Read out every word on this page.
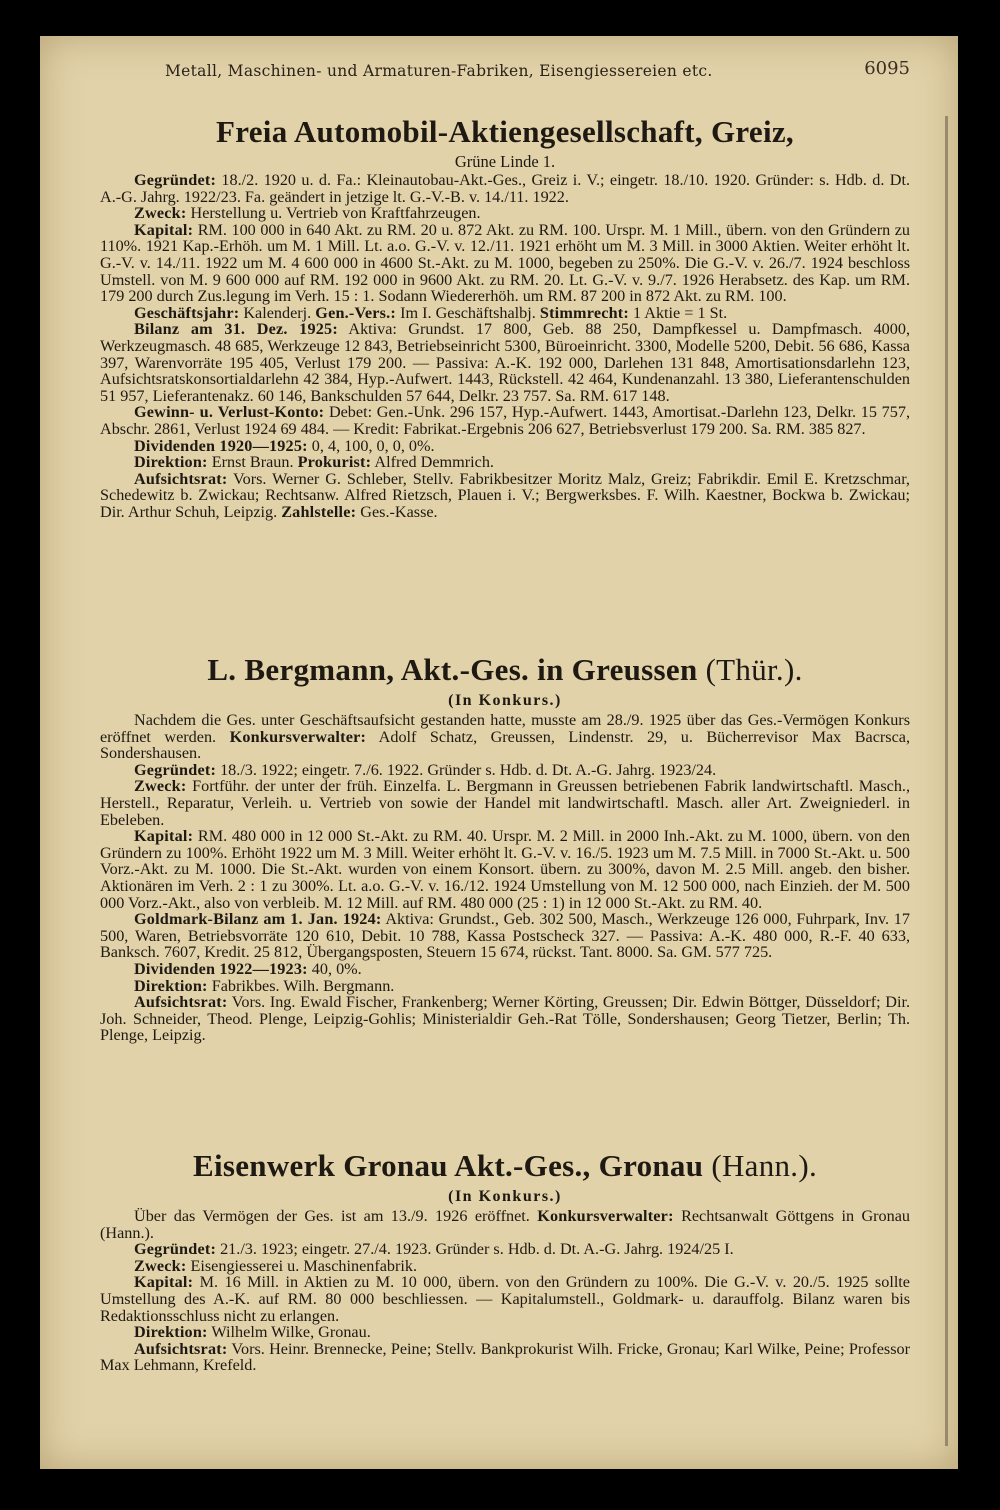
Metall, Maschinen- und Armaturen-Fabriken, Eisengiessereien etc.	6095
Freia Automobil-Aktiengesellschaft, Greiz,
Grüne Linde 1.

Gegründet: 18./2. 1920 u. d. Fa.: Kleinautobau-Akt.-Ges., Greiz i. V.; eingetr. 18./10. 1920. Gründer: s. Hdb. d. Dt. A.-G. Jahrg. 1922/23. Fa. geändert in jetzige lt. G.-V.-B. v. 14./11. 1922.

Zweck: Herstellung u. Vertrieb von Kraftfahrzeugen.

Kapital: RM. 100 000 in 640 Akt. zu RM. 20 u. 872 Akt. zu RM. 100. Urspr. M. 1 Mill., übern. von den Gründern zu 110%. 1921 Kap.-Erhöh. um M. 1 Mill. Lt. a.o. G.-V. v. 12./11. 1921 erhöht um M. 3 Mill. in 3000 Aktien. Weiter erhöht lt. G.-V. v. 14./11. 1922 um M. 4 600 000 in 4600 St.-Akt. zu M. 1000, begeben zu 250%. Die G.-V. v. 26./7. 1924 beschloss Umstell. von M. 9 600 000 auf RM. 192 000 in 9600 Akt. zu RM. 20. Lt. G.-V. v. 9./7. 1926 Herabsetz. des Kap. um RM. 179 200 durch Zus.legung im Verh. 15 : 1. Sodann Wiedererhöh. um RM. 87 200 in 872 Akt. zu RM. 100.

Geschäftsjahr: Kalenderj. Gen.-Vers.: Im I. Geschäftshalbj. Stimmrecht: 1 Aktie = 1 St.

Bilanz am 31. Dez. 1925: Aktiva: Grundst. 17 800, Geb. 88 250, Dampfkessel u. Dampfmasch. 4000, Werkzeugmasch. 48 685, Werkzeuge 12 843, Betriebseinricht 5300, Büroeinricht. 3300, Modelle 5200, Debit. 56 686, Kassa 397, Warenvorräte 195 405, Verlust 179 200. — Passiva: A.-K. 192 000, Darlehen 131 848, Amortisationsdarlehn 123, Aufsichtsratskonsortialdarlehn 42 384, Hyp.-Aufwert. 1443, Rückstell. 42 464, Kundenanzahl. 13 380, Lieferantenschulden 51 957, Lieferantenakz. 60 146, Bankschulden 57 644, Delkr. 23 757. Sa. RM. 617 148.

Gewinn- u. Verlust-Konto: Debet: Gen.-Unk. 296 157, Hyp.-Aufwert. 1443, Amortisat.-Darlehn 123, Delkr. 15 757, Abschr. 2861, Verlust 1924 69 484. — Kredit: Fabrikat.-Ergebnis 206 627, Betriebsverlust 179 200. Sa. RM. 385 827.

Dividenden 1920—1925: 0, 4, 100, 0, 0, 0%.

Direktion: Ernst Braun. Prokurist: Alfred Demmrich.

Aufsichtsrat: Vors. Werner G. Schleber, Stellv. Fabrikbesitzer Moritz Malz, Greiz; Fabrikdir. Emil E. Kretzschmar, Schedewitz b. Zwickau; Rechtsanw. Alfred Rietzsch, Plauen i. V.; Bergwerksbes. F. Wilh. Kaestner, Bockwa b. Zwickau; Dir. Arthur Schuh, Leipzig. Zahlstelle: Ges.-Kasse.

L. Bergmann, Akt.-Ges. in Greussen (Thür.).
(In Konkurs.)

Nachdem die Ges. unter Geschäftsaufsicht gestanden hatte, musste am 28./9. 1925 über das Ges.-Vermögen Konkurs eröffnet werden. Konkursverwalter: Adolf Schatz, Greussen, Lindenstr. 29, u. Bücherrevisor Max Bacrsca, Sondershausen.

Gegründet: 18./3. 1922; eingetr. 7./6. 1922. Gründer s. Hdb. d. Dt. A.-G. Jahrg. 1923/24.

Zweck: Fortführ. der unter der früh. Einzelfa. L. Bergmann in Greussen betriebenen Fabrik landwirtschaftl. Masch., Herstell., Reparatur, Verleih. u. Vertrieb von sowie der Handel mit landwirtschaftl. Masch. aller Art. Zweigniederl. in Ebeleben.

Kapital: RM. 480 000 in 12 000 St.-Akt. zu RM. 40. Urspr. M. 2 Mill. in 2000 Inh.-Akt. zu M. 1000, übern. von den Gründern zu 100%. Erhöht 1922 um M. 3 Mill. Weiter erhöht lt. G.-V. v. 16./5. 1923 um M. 7.5 Mill. in 7000 St.-Akt. u. 500 Vorz.-Akt. zu M. 1000. Die St.-Akt. wurden von einem Konsort. übern. zu 300%, davon M. 2.5 Mill. angeb. den bisher. Aktionären im Verh. 2 : 1 zu 300%. Lt. a.o. G.-V. v. 16./12. 1924 Umstellung von M. 12 500 000, nach Einzieh. der M. 500 000 Vorz.-Akt., also von verbleib. M. 12 Mill. auf RM. 480 000 (25 : 1) in 12 000 St.-Akt. zu RM. 40.

Goldmark-Bilanz am 1. Jan. 1924: Aktiva: Grundst., Geb. 302 500, Masch., Werkzeuge 126 000, Fuhrpark, Inv. 17 500, Waren, Betriebsvorräte 120 610, Debit. 10 788, Kassa Postscheck 327. — Passiva: A.-K. 480 000, R.-F. 40 633, Banksch. 7607, Kredit. 25 812, Übergangsposten, Steuern 15 674, rückst. Tant. 8000. Sa. GM. 577 725.

Dividenden 1922—1923: 40, 0%.

Direktion: Fabrikbes. Wilh. Bergmann.

Aufsichtsrat: Vors. Ing. Ewald Fischer, Frankenberg; Werner Körting, Greussen; Dir. Edwin Böttger, Düsseldorf; Dir. Joh. Schneider, Theod. Plenge, Leipzig-Gohlis; Ministerialdir Geh.-Rat Tölle, Sondershausen; Georg Tietzer, Berlin; Th. Plenge, Leipzig.

Eisenwerk Gronau Akt.-Ges., Gronau (Hann.).
(In Konkurs.)

Über das Vermögen der Ges. ist am 13./9. 1926 eröffnet. Konkursverwalter: Rechtsanwalt Göttgens in Gronau (Hann.).

Gegründet: 21./3. 1923; eingetr. 27./4. 1923. Gründer s. Hdb. d. Dt. A.-G. Jahrg. 1924/25 I.

Zweck: Eisengiesserei u. Maschinenfabrik.

Kapital: M. 16 Mill. in Aktien zu M. 10 000, übern. von den Gründern zu 100%. Die G.-V. v. 20./5. 1925 sollte Umstellung des A.-K. auf RM. 80 000 beschliessen. — Kapitalumstell., Goldmark- u. darauffolg. Bilanz waren bis Redaktionsschluss nicht zu erlangen.

Direktion: Wilhelm Wilke, Gronau.

Aufsichtsrat: Vors. Heinr. Brennecke, Peine; Stellv. Bankprokurist Wilh. Fricke, Gronau; Karl Wilke, Peine; Professor Max Lehmann, Krefeld.
